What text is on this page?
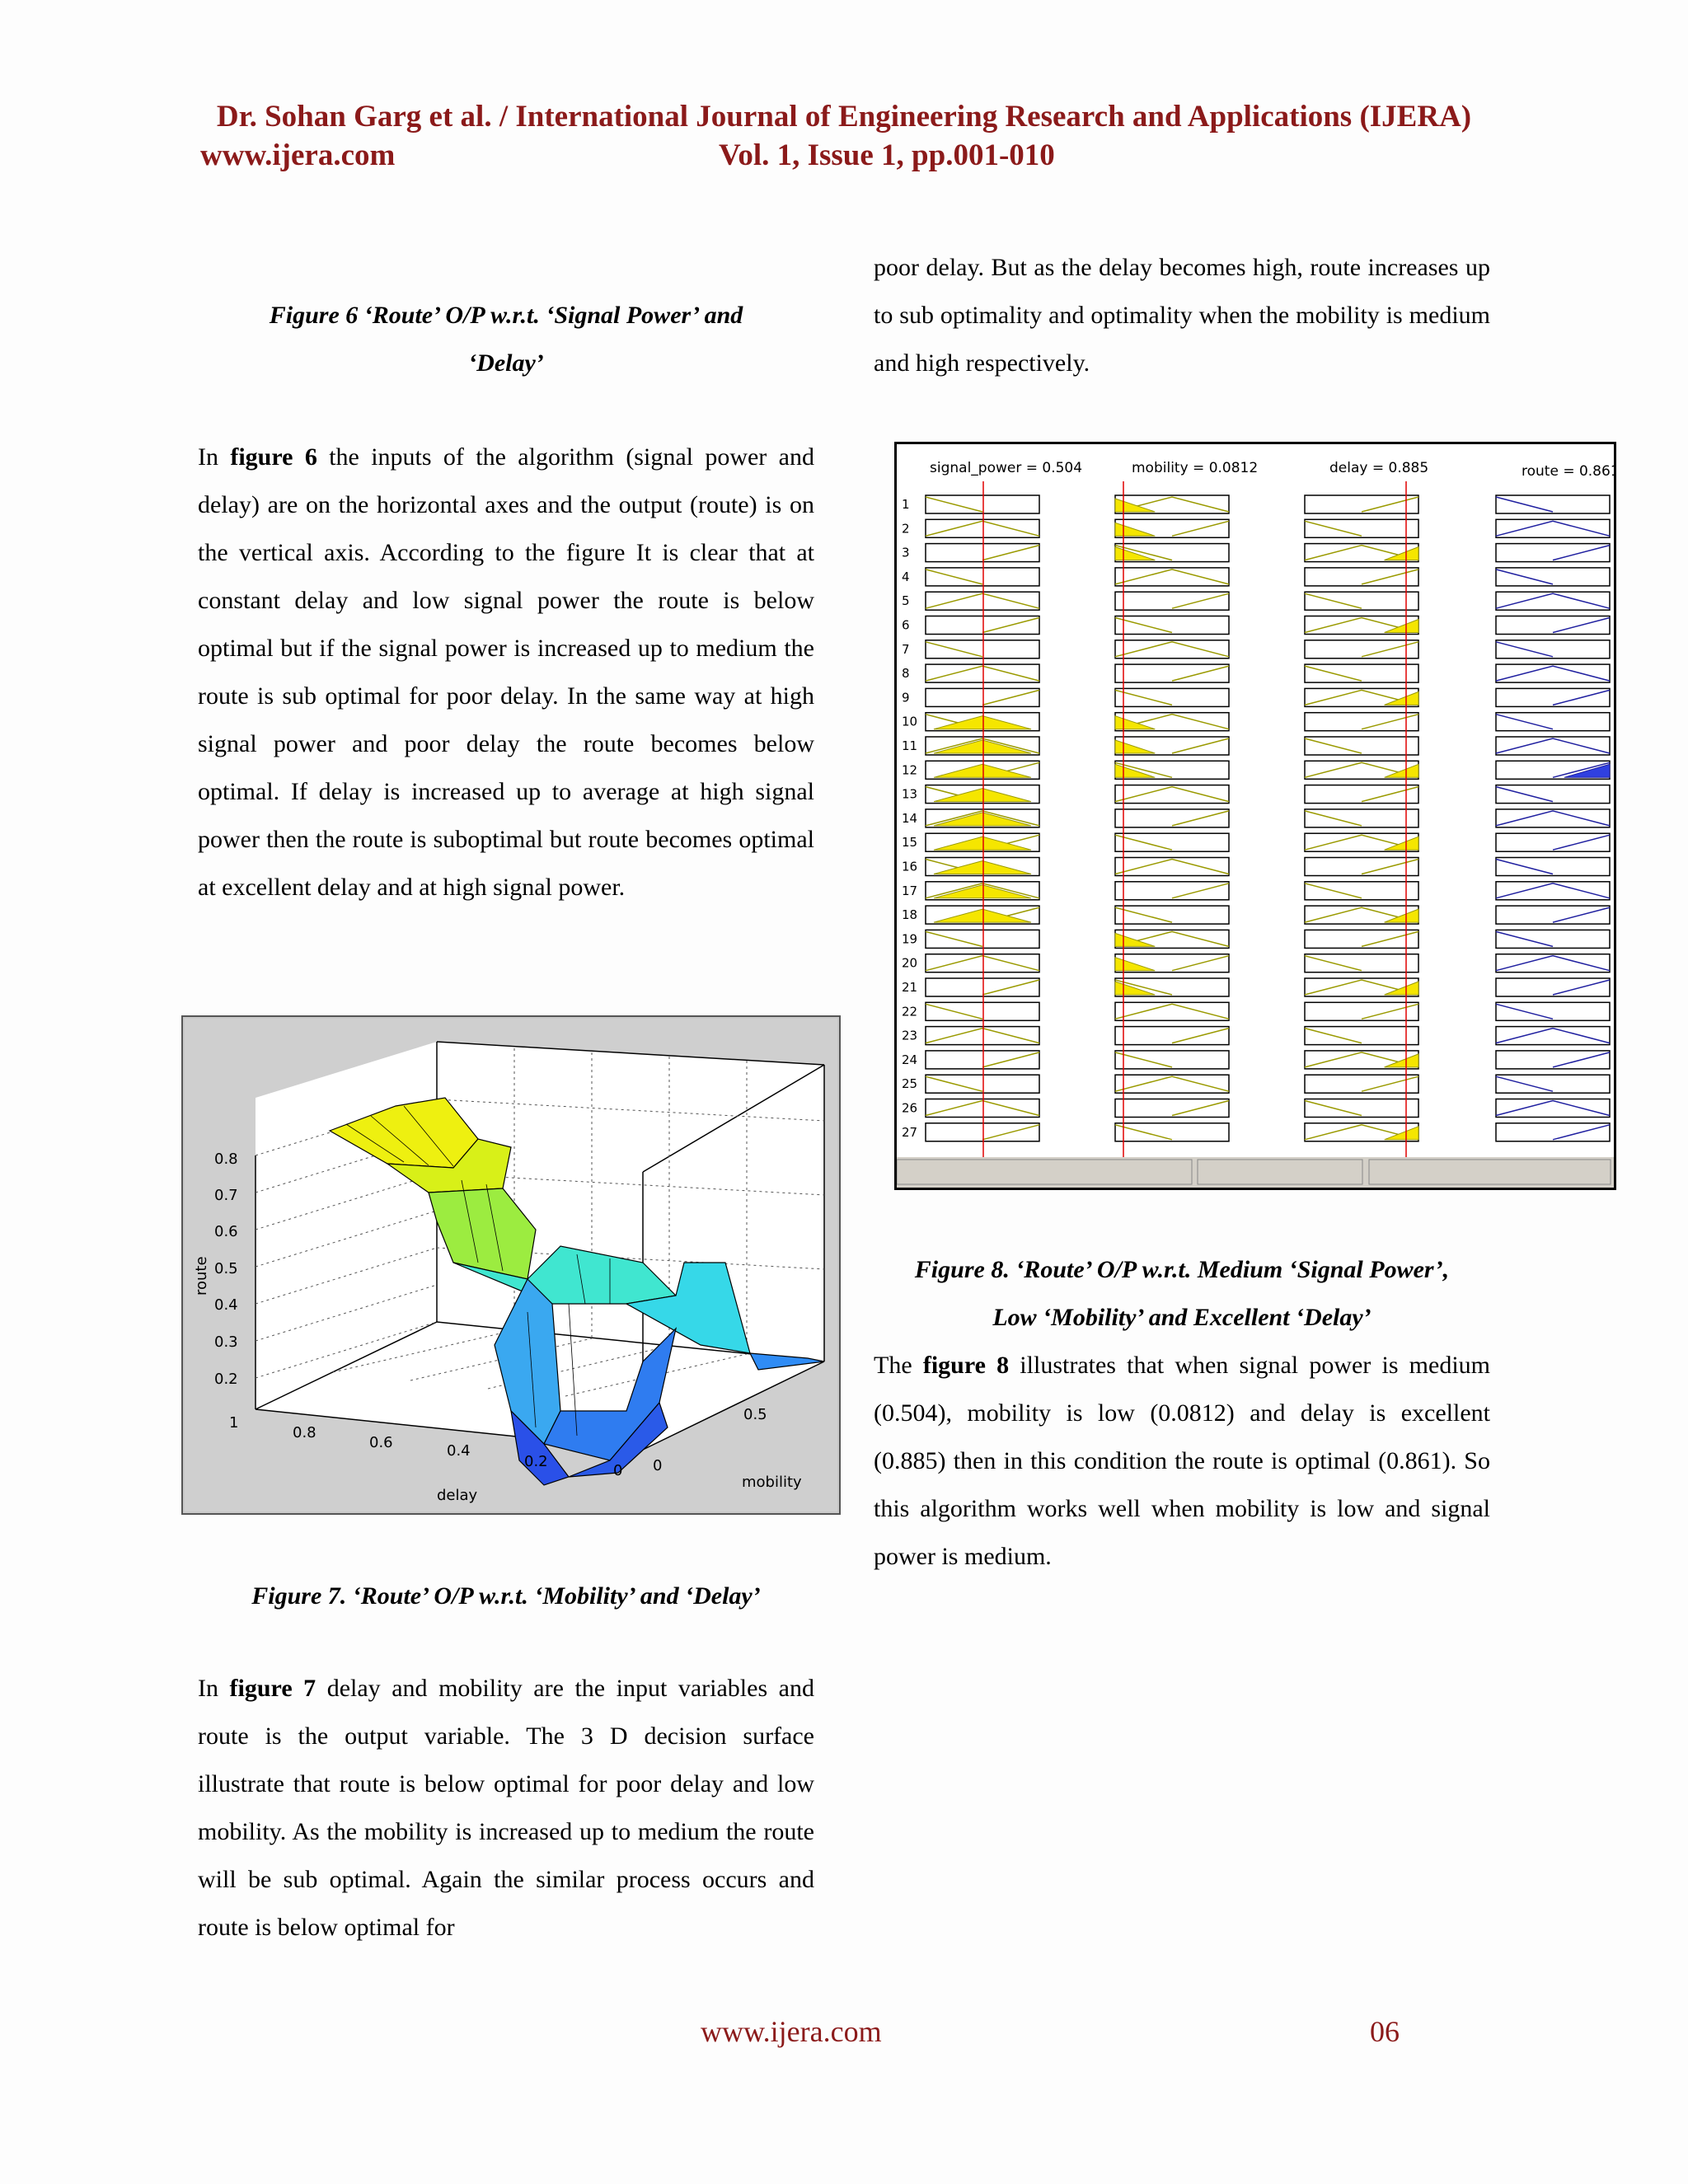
Dr. Sohan Garg et al. / International Journal of Engineering Research and Applications (IJERA)
www.ijera.com	Vol. 1, Issue 1, pp.001-010
Figure 6 ‘Route’ O/P w.r.t. ‘Signal Power’ and
‘Delay’

In figure 6 the inputs of the algorithm (signal power and delay) are on the horizontal axes and the output (route) is on the vertical axis. According to the figure It is clear that at constant delay and low signal power the route is below optimal but if the signal power is increased up to medium the route is sub optimal for poor delay. In the same way at high signal power and poor delay the route becomes below optimal. If delay is increased up to average at high signal power then the route is suboptimal but route becomes optimal at excellent delay and at high signal power.

0.8
0.7
0.6
0.5
0.4
0.3
0.2
1
0.8
0.6	0.4
0.2
0 0
0.5
delay
mobility
route
Figure 7. ‘Route’ O/P w.r.t. ‘Mobility’ and ‘Delay’

In figure 7 delay and mobility are the input variables and route is the output variable. The 3 D decision surface illustrate that route is below optimal for poor delay and low mobility. As the mobility is increased up to medium the route will be sub optimal. Again the similar process occurs and route is below optimal for

poor delay. But as the delay becomes high, route increases up to sub optimality and optimality when the mobility is medium and high respectively.

signal_power = 0.504	mobility = 0.0812	delay = 0.885	route = 0.861
1
2
3
4
5
6
7
8
9
10
11
12
13
14
15
16
17
18
19
20
21
22
23
24
25
26
27
Figure 8. ‘Route’ O/P w.r.t. Medium ‘Signal Power’,
Low ‘Mobility’ and Excellent ‘Delay’

The figure 8 illustrates that when signal power is medium (0.504), mobility is low (0.0812) and delay is excellent (0.885) then in this condition the route is optimal (0.861). So this algorithm works well when mobility is low and signal power is medium.

www.ijera.com	06
